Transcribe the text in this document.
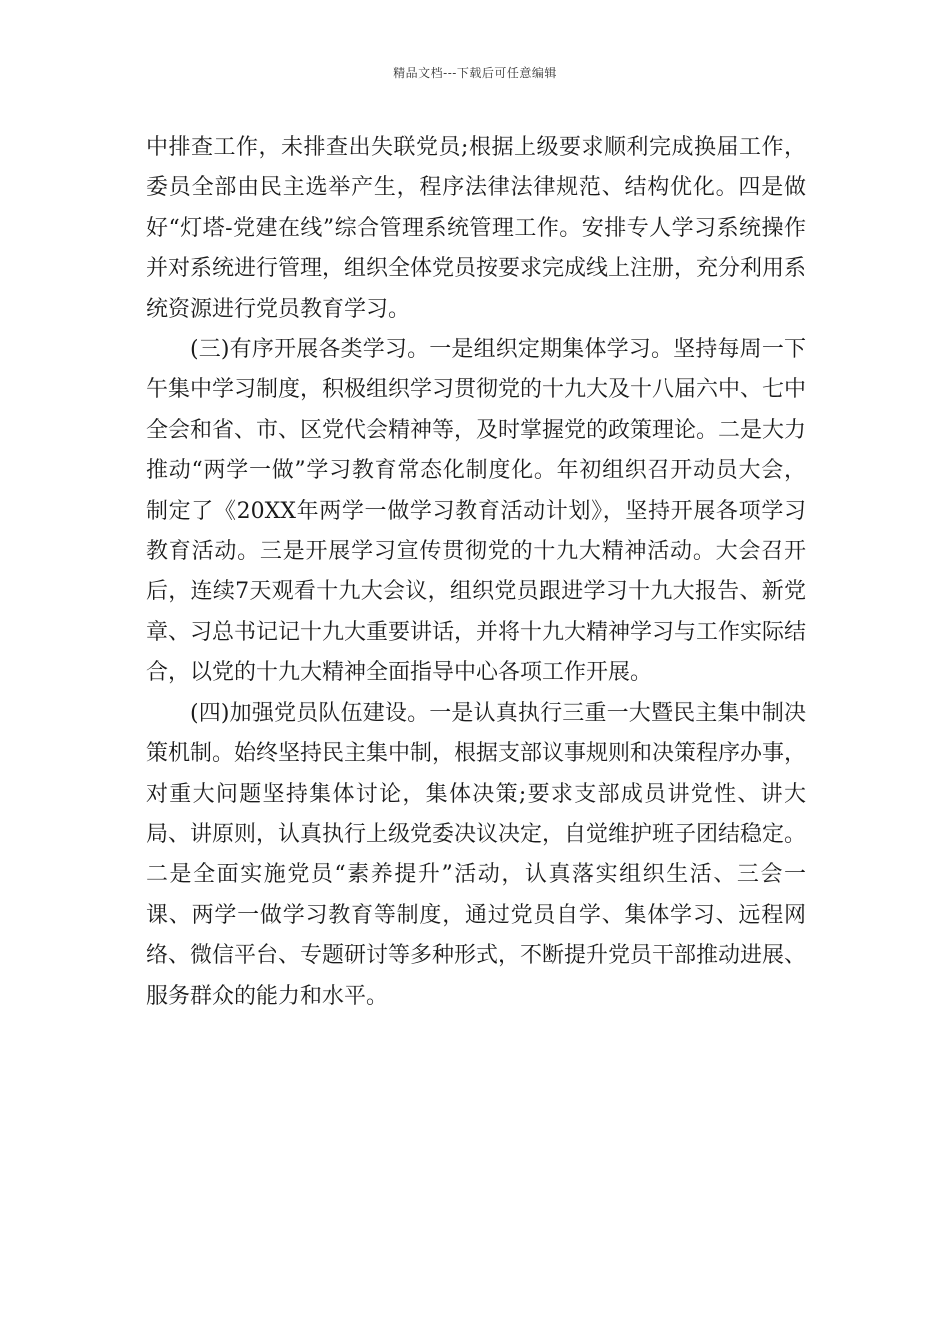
精品文档---下载后可任意编辑

中排查工作，未排查出失联党员;根据上级要求顺利完成换届工作，委员全部由民主选举产生，程序法律法律规范、结构优化。四是做好“灯塔-党建在线”综合管理系统管理工作。安排专人学习系统操作并对系统进行管理，组织全体党员按要求完成线上注册，充分利用系统资源进行党员教育学习。

(三)有序开展各类学习。一是组织定期集体学习。坚持每周一下午集中学习制度，积极组织学习贯彻党的十九大及十八届六中、七中全会和省、市、区党代会精神等，及时掌握党的政策理论。二是大力推动“两学一做”学习教育常态化制度化。年初组织召开动员大会，制定了《20XX年两学一做学习教育活动计划》，坚持开展各项学习教育活动。三是开展学习宣传贯彻党的十九大精神活动。大会召开后，连续7天观看十九大会议，组织党员跟进学习十九大报告、新党章、习总书记记十九大重要讲话，并将十九大精神学习与工作实际结合，以党的十九大精神全面指导中心各项工作开展。

(四)加强党员队伍建设。一是认真执行三重一大暨民主集中制决策机制。始终坚持民主集中制，根据支部议事规则和决策程序办事，对重大问题坚持集体讨论，集体决策;要求支部成员讲党性、讲大局、讲原则，认真执行上级党委决议决定，自觉维护班子团结稳定。二是全面实施党员“素养提升”活动，认真落实组织生活、三会一课、两学一做学习教育等制度，通过党员自学、集体学习、远程网络、微信平台、专题研讨等多种形式，不断提升党员干部推动进展、服务群众的能力和水平。
